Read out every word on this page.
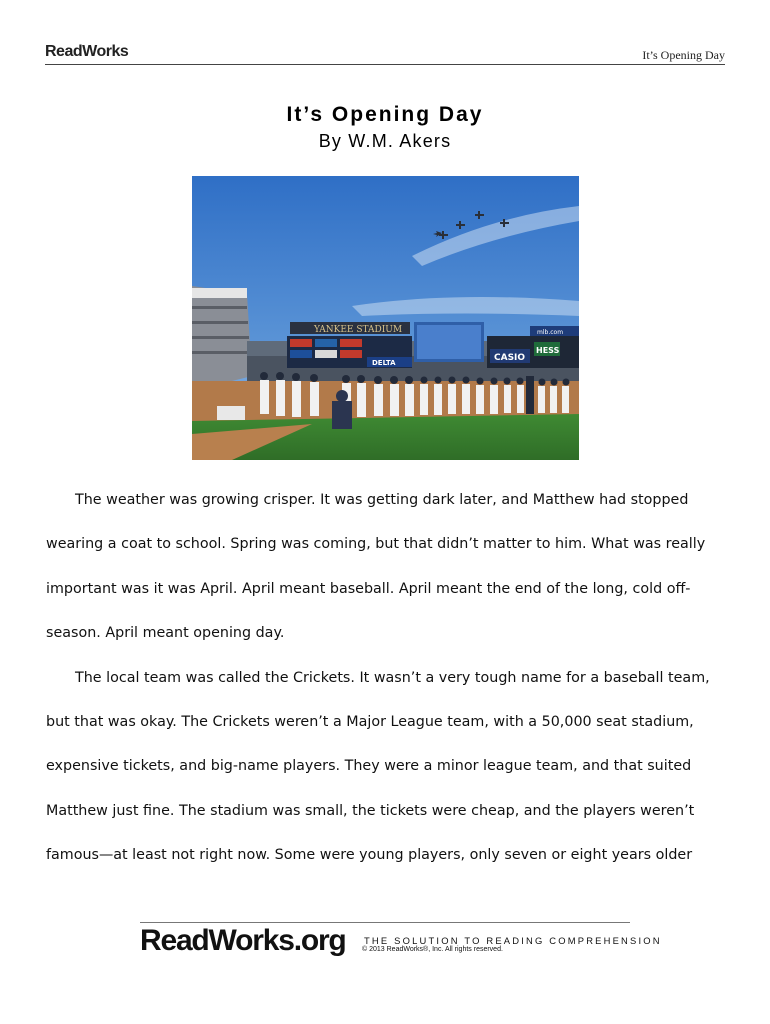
ReadWorks	It’s Opening Day
It’s Opening Day
By W.M. Akers
YANKEE STADIUM
DELTA	CASIO
HESS
mlb.com

The weather was growing crisper. It was getting dark later, and Matthew had stopped

wearing a coat to school. Spring was coming, but that didn’t matter to him. What was really

important was it was April. April meant baseball. April meant the end of the long, cold off-

season. April meant opening day.

The local team was called the Crickets. It wasn’t a very tough name for a baseball team,

but that was okay. The Crickets weren’t a Major League team, with a 50,000 seat stadium,

expensive tickets, and big-name players. They were a minor league team, and that suited

Matthew just fine. The stadium was small, the tickets were cheap, and the players weren’t

famous—at least not right now. Some were young players, only seven or eight years older

ReadWorks.org THE SOLUTION TO READING COMPREHENSION
© 2013 ReadWorks®, Inc. All rights reserved.
